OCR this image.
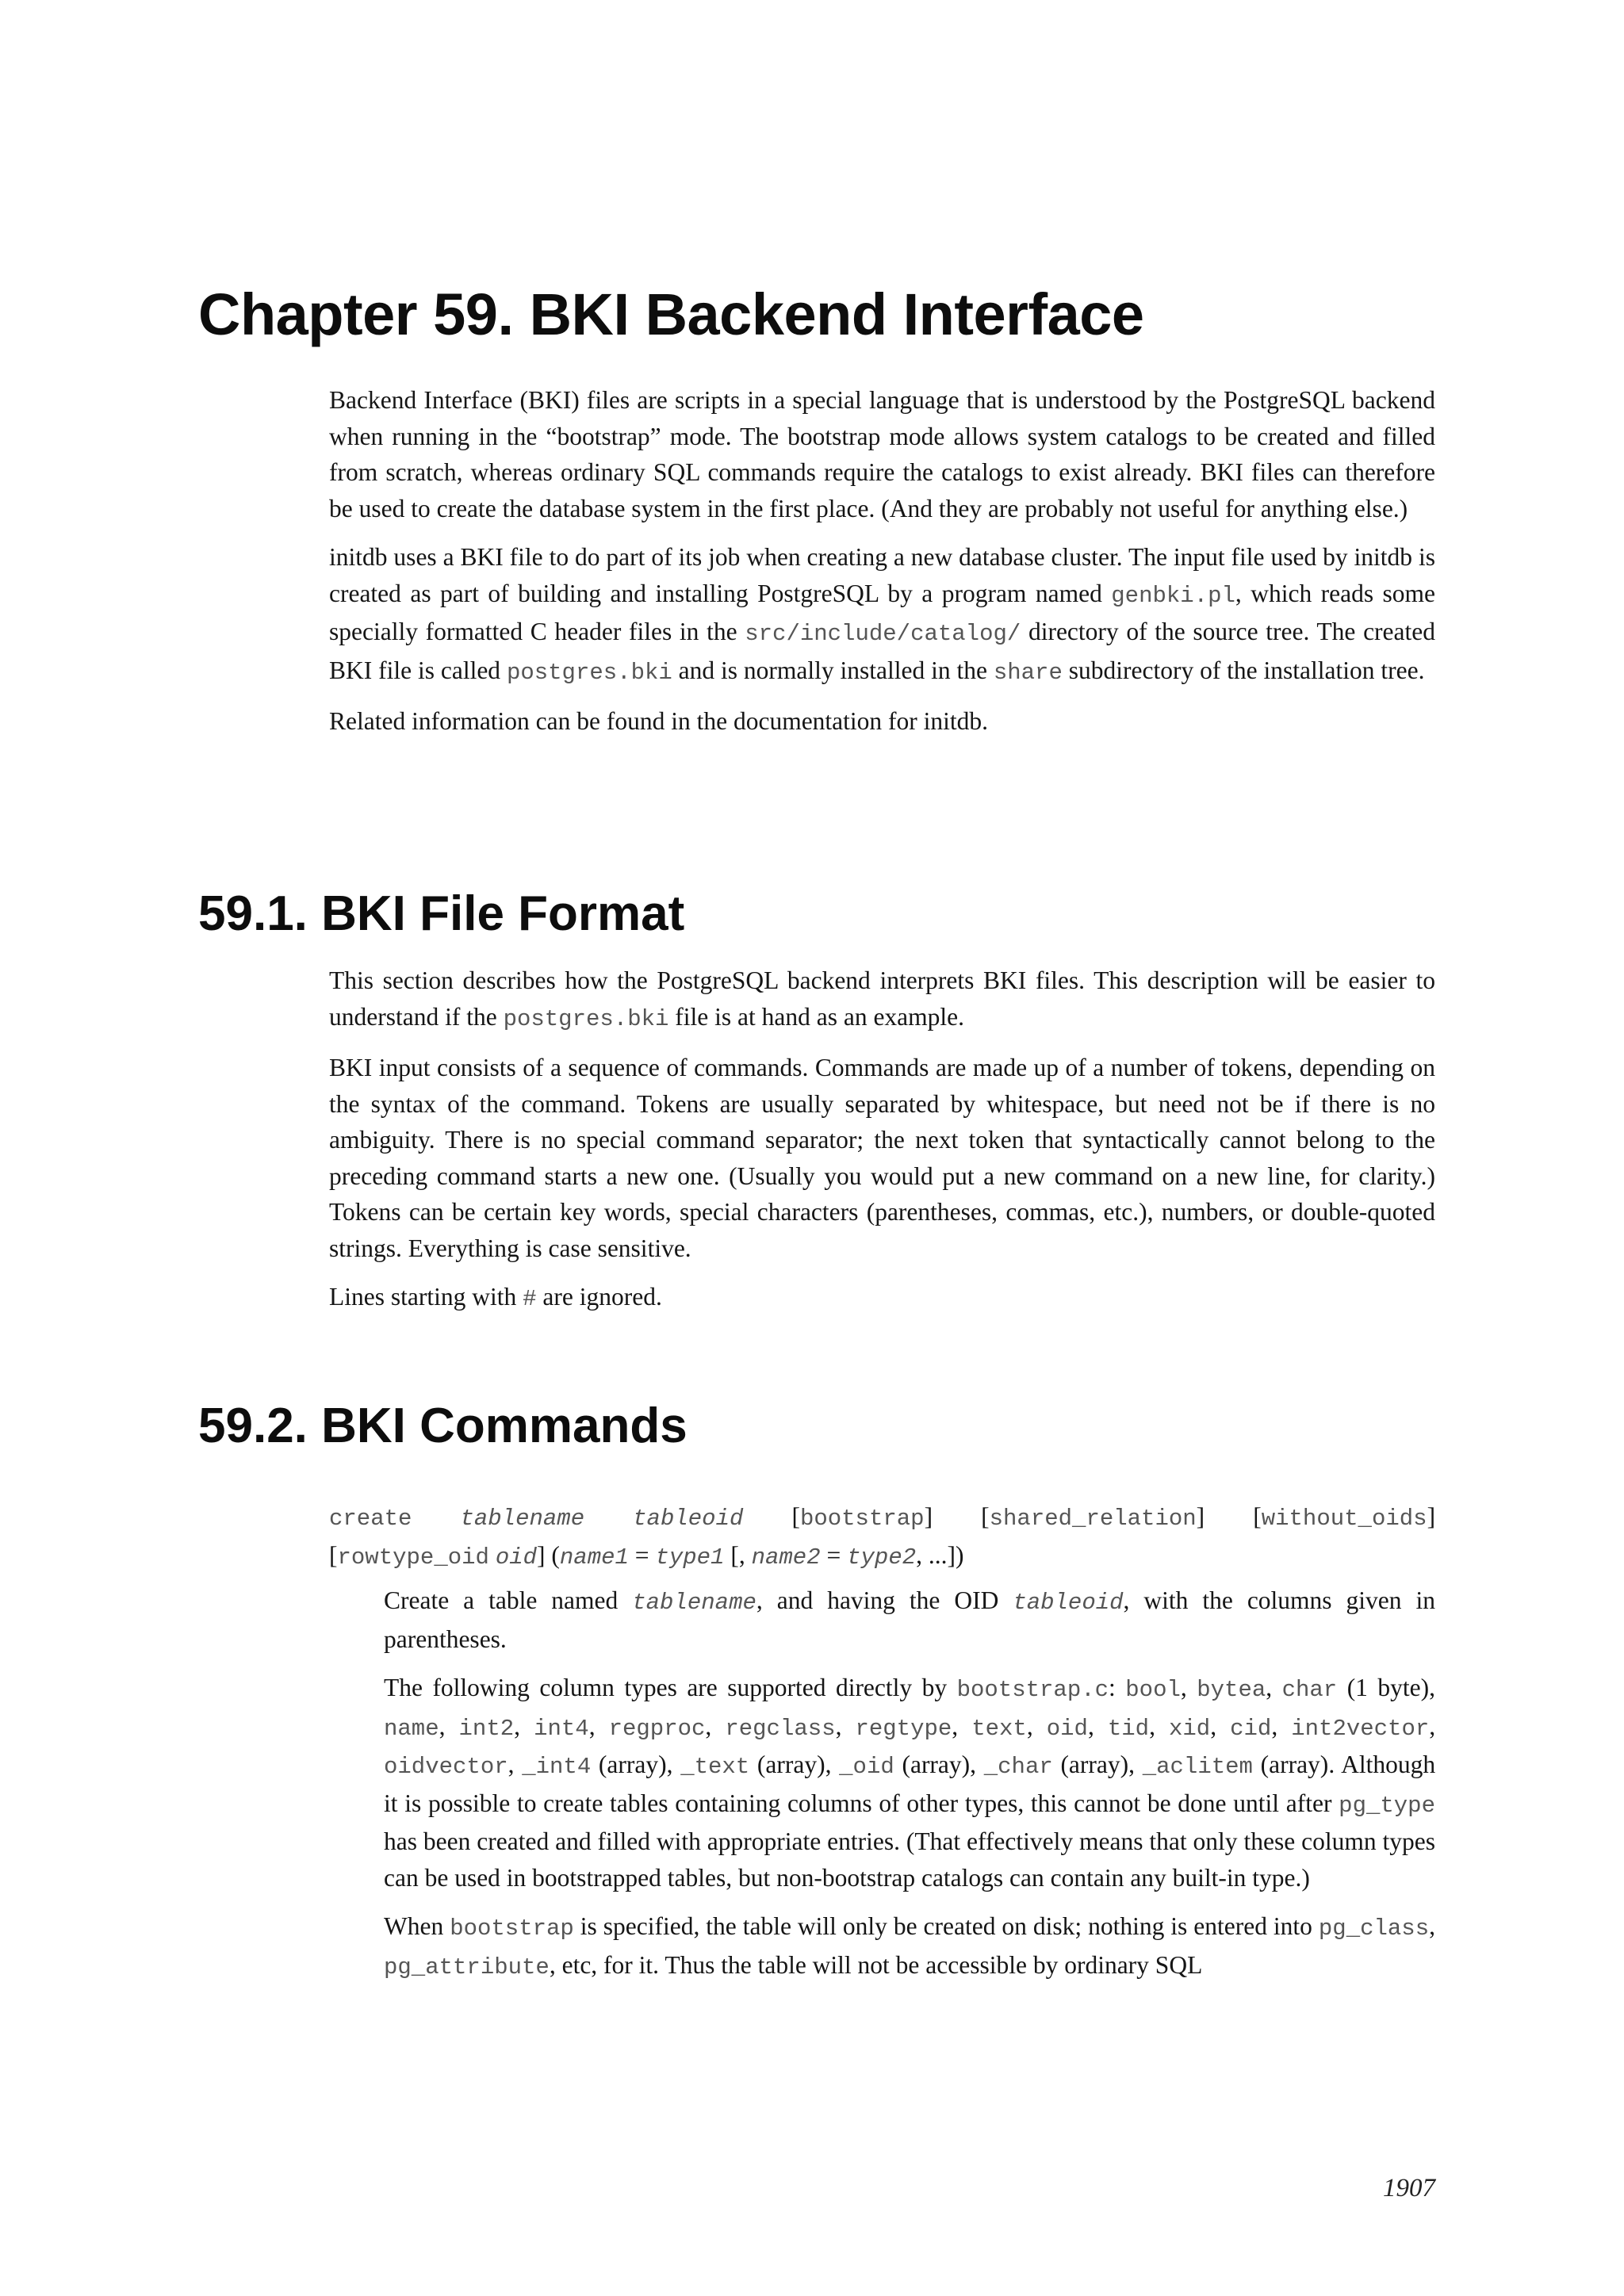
Chapter 59. BKI Backend Interface

Backend Interface (BKI) files are scripts in a special language that is understood by the PostgreSQL backend when running in the “bootstrap” mode. The bootstrap mode allows system catalogs to be created and filled from scratch, whereas ordinary SQL commands require the catalogs to exist already. BKI files can therefore be used to create the database system in the first place. (And they are probably not useful for anything else.)

initdb uses a BKI file to do part of its job when creating a new database cluster. The input file used by initdb is created as part of building and installing PostgreSQL by a program named genbki.pl, which reads some specially formatted C header files in the src/include/catalog/ directory of the source tree. The created BKI file is called postgres.bki and is normally installed in the share subdirectory of the installation tree.

Related information can be found in the documentation for initdb.

59.1. BKI File Format

This section describes how the PostgreSQL backend interprets BKI files. This description will be easier to understand if the postgres.bki file is at hand as an example.

BKI input consists of a sequence of commands. Commands are made up of a number of tokens, depending on the syntax of the command. Tokens are usually separated by whitespace, but need not be if there is no ambiguity. There is no special command separator; the next token that syntactically cannot belong to the preceding command starts a new one. (Usually you would put a new command on a new line, for clarity.) Tokens can be certain key words, special characters (parentheses, commas, etc.), numbers, or double-quoted strings. Everything is case sensitive.

Lines starting with # are ignored.

59.2. BKI Commands
create tablename tableoid [bootstrap] [shared_relation] [without_oids] [rowtype_oid oid] (name1 = type1 [, name2 = type2, ...])

Create a table named tablename, and having the OID tableoid, with the columns given in parentheses.

The following column types are supported directly by bootstrap.c: bool, bytea, char (1 byte), name, int2, int4, regproc, regclass, regtype, text, oid, tid, xid, cid, int2vector, oidvector, _int4 (array), _text (array), _oid (array), _char (array), _aclitem (array). Although it is possible to create tables containing columns of other types, this cannot be done until after pg_type has been created and filled with appropriate entries. (That effectively means that only these column types can be used in bootstrapped tables, but non-bootstrap catalogs can contain any built-in type.)

When bootstrap is specified, the table will only be created on disk; nothing is entered into pg_class, pg_attribute, etc, for it. Thus the table will not be accessible by ordinary SQL

1907
